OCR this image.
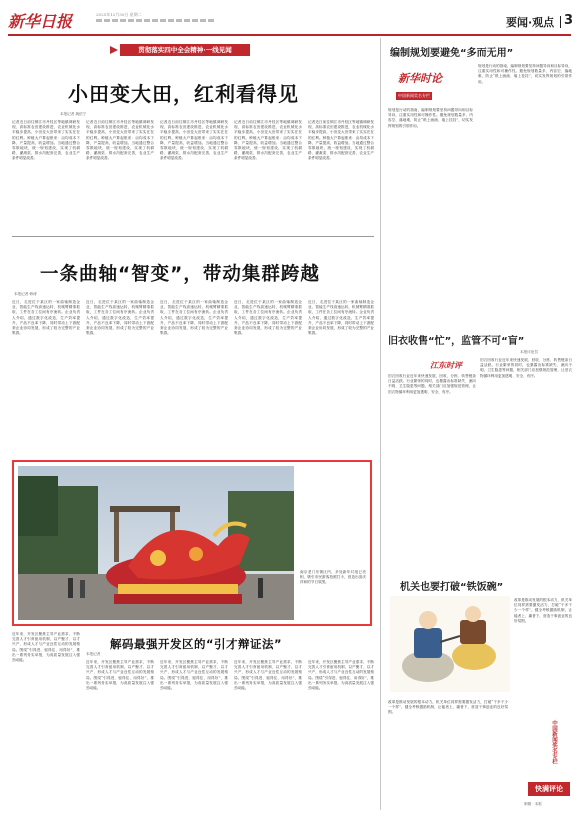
新华日报	2025年12月30日 星期二
要闻·观点 3
贯彻落实四中全会精神·一线见闻
小田变大田，红利看得见
本报记者 姚依宁
记者近日前往铜江市丹桂区等地镇调研发现，高标准农田建设推进，农业机械化水平稳步提高，小田变大田带来了实实在在的红利。种植大户算起账来：亩均成本下降，产量提高，收益增加。当地通过整合零散地块，统一规划建设，实现了机耕路、灌溉渠、排水沟配套完善，农业生产条件明显改善。
记者近日前往铜江市丹桂区等地镇调研发现，高标准农田建设推进，农业机械化水平稳步提高，小田变大田带来了实实在在的红利。种植大户算起账来：亩均成本下降，产量提高，收益增加。当地通过整合零散地块，统一规划建设，实现了机耕路、灌溉渠、排水沟配套完善，农业生产条件明显改善。
记者近日前往铜江市丹桂区等地镇调研发现，高标准农田建设推进，农业机械化水平稳步提高，小田变大田带来了实实在在的红利。种植大户算起账来：亩均成本下降，产量提高，收益增加。当地通过整合零散地块，统一规划建设，实现了机耕路、灌溉渠、排水沟配套完善，农业生产条件明显改善。
记者近日前往铜江市丹桂区等地镇调研发现，高标准农田建设推进，农业机械化水平稳步提高，小田变大田带来了实实在在的红利。种植大户算起账来：亩均成本下降，产量提高，收益增加。当地通过整合零散地块，统一规划建设，实现了机耕路、灌溉渠、排水沟配套完善，农业生产条件明显改善。
记者近日前往铜江市丹桂区等地镇调研发现，高标准农田建设推进，农业机械化水平稳步提高，小田变大田带来了实实在在的红利。种植大户算起账来：亩均成本下降，产量提高，收益增加。当地通过整合零散地块，统一规划建设，实现了机耕路、灌溉渠、排水沟配套完善，农业生产条件明显改善。
一条曲轴“智变”，带动集群跨越
本报记者 韩涛
近日，走进位于某区的一家曲轴制造企业，智能生产线高速运转，机械臂精准抓取，工件在各工位间有序流转。企业负责人介绍，通过数字化改造，生产效率提升，产品不良率下降，同时带动上下游配套企业协同发展，形成了较为完整的产业集群。
近日，走进位于某区的一家曲轴制造企业，智能生产线高速运转，机械臂精准抓取，工件在各工位间有序流转。企业负责人介绍，通过数字化改造，生产效率提升，产品不良率下降，同时带动上下游配套企业协同发展，形成了较为完整的产业集群。
近日，走进位于某区的一家曲轴制造企业，智能生产线高速运转，机械臂精准抓取，工件在各工位间有序流转。企业负责人介绍，通过数字化改造，生产效率提升，产品不良率下降，同时带动上下游配套企业协同发展，形成了较为完整的产业集群。
近日，走进位于某区的一家曲轴制造企业，智能生产线高速运转，机械臂精准抓取，工件在各工位间有序流转。企业负责人介绍，通过数字化改造，生产效率提升，产品不良率下降，同时带动上下游配套企业协同发展，形成了较为完整的产业集群。
近日，走进位于某区的一家曲轴制造企业，智能生产线高速运转，机械臂精准抓取，工件在各工位间有序流转。企业负责人介绍，通过数字化改造，生产效率提升，产品不良率下降，同时带动上下游配套企业协同发展，形成了较为完整的产业集群。
南京老门东街区内，多处新年灯组已亮相，吸引市民游客拍照打卡，营造出喜庆祥和的节日氛围。
近年来，开发区聚焦主导产业需求，不断完善人才引育留用机制，以产聚才、以才兴产，形成人才与产业良性互动的发展格局。围绕“引得进、留得住、用得好”，推出一系列务实举措，为高质量发展注入强劲动能。
解码最强开发区的“引才辩证法”
本报记者
近年来，开发区聚焦主导产业需求，不断完善人才引育留用机制，以产聚才、以才兴产，形成人才与产业良性互动的发展格局。围绕“引得进、留得住、用得好”，推出一系列务实举措，为高质量发展注入强劲动能。
近年来，开发区聚焦主导产业需求，不断完善人才引育留用机制，以产聚才、以才兴产，形成人才与产业良性互动的发展格局。围绕“引得进、留得住、用得好”，推出一系列务实举措，为高质量发展注入强劲动能。
近年来，开发区聚焦主导产业需求，不断完善人才引育留用机制，以产聚才、以才兴产，形成人才与产业良性互动的发展格局。围绕“引得进、留得住、用得好”，推出一系列务实举措，为高质量发展注入强劲动能。
近年来，开发区聚焦主导产业需求，不断完善人才引育留用机制，以产聚才、以才兴产，形成人才与产业良性互动的发展格局。围绕“引得进、留得住、用得好”，推出一系列务实举措，为高质量发展注入强劲动能。
编制规划要避免“多而无用”
新华时论
中国新闻奖名专栏
规划是行动的指南，编制规划要坚持问题导向和目标导向，注重实用性和可操作性。避免规划数量多、内容空、落地难，防止“纸上画画、墙上挂挂”，切实发挥规划的引领作用。
规划是行动的指南，编制规划要坚持问题导向和目标导向，注重实用性和可操作性。避免规划数量多、内容空、落地难，防止“纸上画画、墙上挂挂”，切实发挥规划的引领作用。
旧衣收售“忙”，监管不可“盲”
本报评论员
江东时评
旧衣回收行业近年来快速发展，回收、分拣、转售链条日益活跃。行业繁荣的同时，也暴露出标准缺失、流向不明、卫生隐患等问题，相关部门应加强规范管理，让旧衣物循环利用更加透明、安全、有序。
旧衣回收行业近年来快速发展，回收、分拣、转售链条日益活跃。行业繁荣的同时，也暴露出标准缺失、流向不明、卫生隐患等问题，相关部门应加强规范管理，让旧衣物循环利用更加透明、安全、有序。
机关也要打破“铁饭碗”
改革是推动发展的根本动力，机关单位同样需要激发活力，打破“干多干少一个样”，健全考核激励机制，让能者上、庸者下，营造干事创业的良好氛围。
改革是推动发展的根本动力，机关单位同样需要激发活力，打破“干多干少一个样”，健全考核激励机制，让能者上、庸者下，营造干事创业的良好氛围。
中国新闻奖名专栏
快满评论
制图 · 本报
